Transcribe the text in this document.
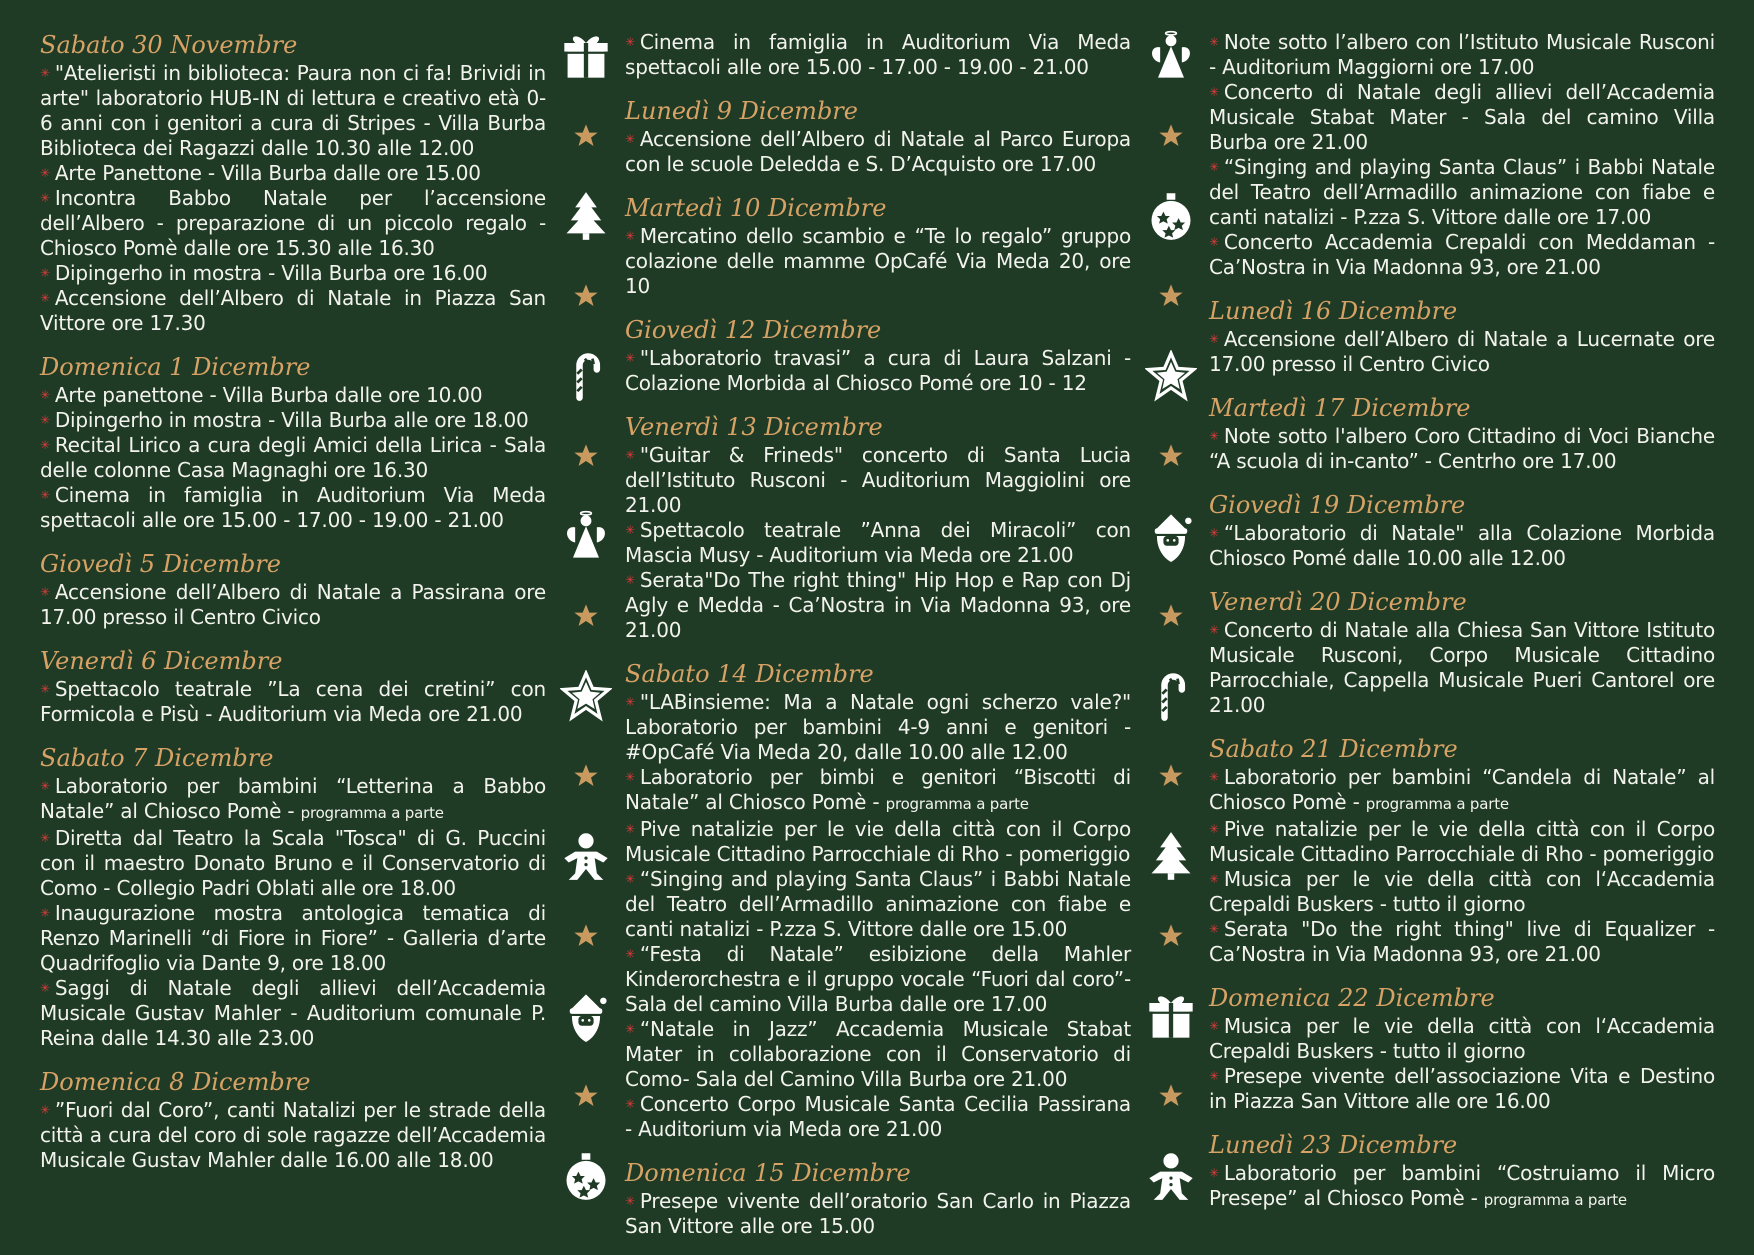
Sabato 30 Novembre
✳ "Atelieristi in biblioteca: Paura non ci fa! Brividi in arte" laboratorio HUB-IN di lettura e creativo età 0-6 anni con i genitori a cura di Stripes - Villa Burba Biblioteca dei Ragazzi dalle 10.30 alle 12.00
✳ Arte Panettone - Villa Burba dalle ore 15.00
✳ Incontra Babbo Natale per l’accensione dell’Albero - preparazione di un piccolo regalo - Chiosco Pomè dalle ore 15.30 alle 16.30
✳ Dipingerho in mostra - Villa Burba ore 16.00
✳ Accensione dell’Albero di Natale in Piazza San Vittore ore 17.30
Domenica 1 Dicembre
✳ Arte panettone - Villa Burba dalle ore 10.00
✳ Dipingerho in mostra - Villa Burba alle ore 18.00
✳ Recital Lirico a cura degli Amici della Lirica - Sala delle colonne Casa Magnaghi ore 16.30
✳ Cinema in famiglia in Auditorium Via Meda spettacoli alle ore 15.00 - 17.00 - 19.00 - 21.00
Giovedì 5 Dicembre
✳ Accensione dell’Albero di Natale a Passirana ore 17.00 presso il Centro Civico
Venerdì 6 Dicembre
✳ Spettacolo teatrale ”La cena dei cretini” con Formicola e Pisù - Auditorium via Meda ore 21.00
Sabato 7 Dicembre
✳ Laboratorio per bambini “Letterina a Babbo Natale” al Chiosco Pomè - programma a parte
✳ Diretta dal Teatro la Scala "Tosca" di G. Puccini con il maestro Donato Bruno e il Conservatorio di Como - Collegio Padri Oblati alle ore 18.00
✳ Inaugurazione mostra antologica tematica di Renzo Marinelli “di Fiore in Fiore” - Galleria d’arte Quadrifoglio via Dante 9, ore 18.00
✳ Saggi di Natale degli allievi dell’Accademia Musicale Gustav Mahler - Auditorium comunale P. Reina dalle 14.30 alle 23.00
Domenica 8 Dicembre
✳ ”Fuori dal Coro”, canti Natalizi per le strade della città a cura del coro di sole ragazze dell’Accademia Musicale Gustav Mahler dalle 16.00 alle 18.00
✳ Cinema in famiglia in Auditorium Via Meda spettacoli alle ore 15.00 - 17.00 - 19.00 - 21.00
Lunedì 9 Dicembre
✳ Accensione dell’Albero di Natale al Parco Europa con le scuole Deledda e S. D’Acquisto ore 17.00
Martedì 10 Dicembre
✳ Mercatino dello scambio e “Te lo regalo” gruppo colazione delle mamme OpCafé Via Meda 20, ore 10
Giovedì 12 Dicembre
✳ "Laboratorio travasi” a cura di Laura Salzani - Colazione Morbida al Chiosco Pomé ore 10 - 12
Venerdì 13 Dicembre
✳ "Guitar & Frineds" concerto di Santa Lucia dell’Istituto Rusconi - Auditorium Maggiolini ore 21.00
✳ Spettacolo teatrale ”Anna dei Miracoli” con Mascia Musy - Auditorium via Meda ore 21.00
✳ Serata"Do The right thing" Hip Hop e Rap con Dj Agly e Medda - Ca’Nostra in Via Madonna 93, ore 21.00
Sabato 14 Dicembre
✳ "LABinsieme: Ma a Natale ogni scherzo vale?" Laboratorio per bambini 4-9 anni e genitori - #OpCafé Via Meda 20, dalle 10.00 alle 12.00
✳ Laboratorio per bimbi e genitori “Biscotti di Natale” al Chiosco Pomè - programma a parte
✳ Pive natalizie per le vie della città con il Corpo Musicale Cittadino Parrocchiale di Rho - pomeriggio
✳ “Singing and playing Santa Claus” i Babbi Natale del Teatro dell’Armadillo animazione con fiabe e canti natalizi - P.zza S. Vittore dalle ore 15.00
✳ “Festa di Natale” esibizione della Mahler Kinderorchestra e il gruppo vocale “Fuori dal coro”- Sala del camino Villa Burba dalle ore 17.00
✳ “Natale in Jazz” Accademia Musicale Stabat Mater in collaborazione con il Conservatorio di Como- Sala del Camino Villa Burba ore 21.00
✳ Concerto Corpo Musicale Santa Cecilia Passirana - Auditorium via Meda ore 21.00
Domenica 15 Dicembre
✳ Presepe vivente dell’oratorio San Carlo in Piazza San Vittore alle ore 15.00
✳ Note sotto l’albero con l’Istituto Musicale Rusconi - Auditorium Maggiorni ore 17.00
✳ Concerto di Natale degli allievi dell’Accademia Musicale Stabat Mater - Sala del camino Villa Burba ore 21.00
✳ “Singing and playing Santa Claus” i Babbi Natale del Teatro dell’Armadillo animazione con fiabe e canti natalizi - P.zza S. Vittore dalle ore 17.00
✳ Concerto Accademia Crepaldi con Meddaman - Ca’Nostra in Via Madonna 93, ore 21.00
Lunedì 16 Dicembre
✳ Accensione dell’Albero di Natale a Lucernate ore 17.00 presso il Centro Civico
Martedì 17 Dicembre
✳ Note sotto l'albero Coro Cittadino di Voci Bianche “A scuola di in-canto” - Centrho ore 17.00
Giovedì 19 Dicembre
✳ “Laboratorio di Natale" alla Colazione Morbida Chiosco Pomé dalle 10.00 alle 12.00
Venerdì 20 Dicembre
✳ Concerto di Natale alla Chiesa San Vittore Istituto Musicale Rusconi, Corpo Musicale Cittadino Parrocchiale, Cappella Musicale Pueri Cantorel ore 21.00
Sabato 21 Dicembre
✳ Laboratorio per bambini “Candela di Natale” al Chiosco Pomè - programma a parte
✳ Pive natalizie per le vie della città con il Corpo Musicale Cittadino Parrocchiale di Rho - pomeriggio
✳ Musica per le vie della città con l‘Accademia Crepaldi Buskers - tutto il giorno
✳ Serata "Do the right thing" live di Equalizer - Ca’Nostra in Via Madonna 93, ore 21.00
Domenica 22 Dicembre
✳ Musica per le vie della città con l‘Accademia Crepaldi Buskers - tutto il giorno
✳ Presepe vivente dell’associazione Vita e Destino in Piazza San Vittore alle ore 16.00
Lunedì 23 Dicembre
✳ Laboratorio per bambini “Costruiamo il Micro Presepe” al Chiosco Pomè - programma a parte
